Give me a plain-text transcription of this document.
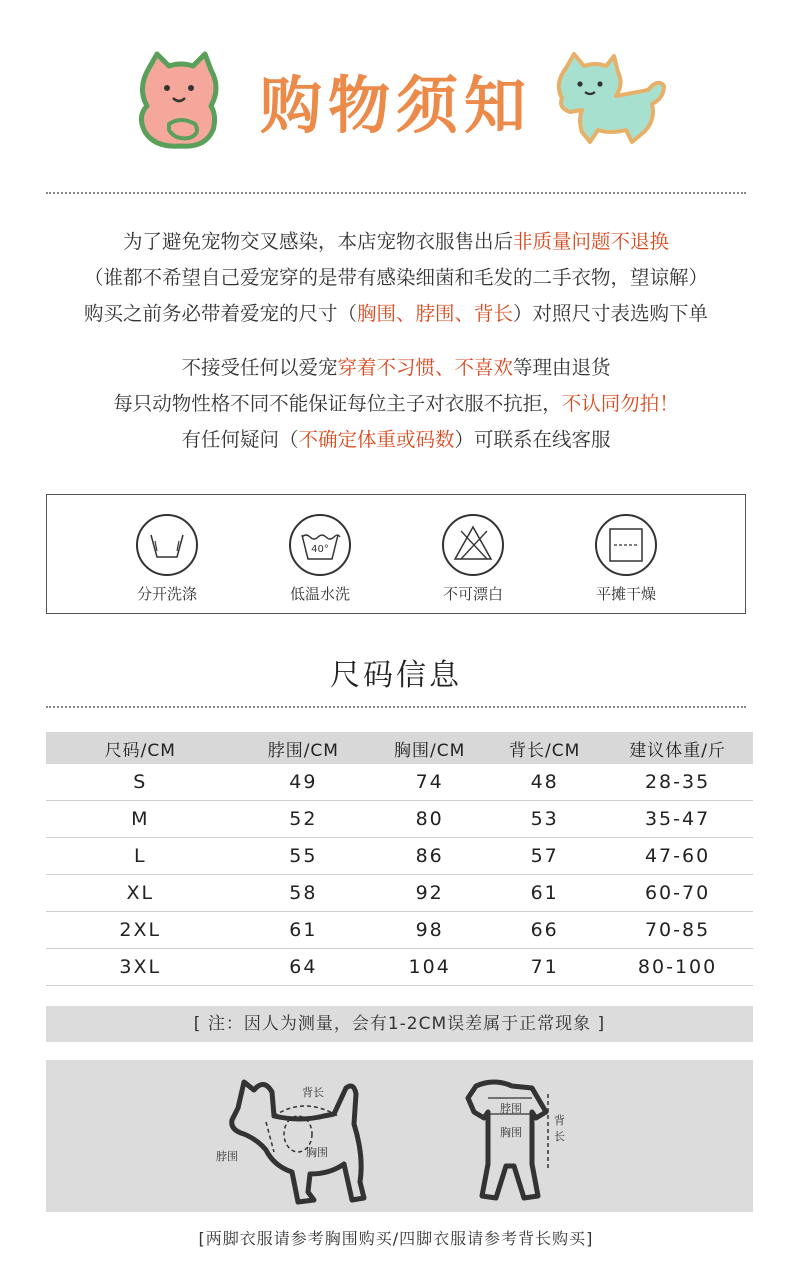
购物须知
为了避免宠物交叉感染，本店宠物衣服售出后非质量问题不退换
（谁都不希望自己爱宠穿的是带有感染细菌和毛发的二手衣物，望谅解）
购买之前务必带着爱宠的尺寸（胸围、脖围、背长）对照尺寸表选购下单
不接受任何以爱宠穿着不习惯、不喜欢等理由退货
每只动物性格不同不能保证每位主子对衣服不抗拒，不认同勿拍！
有任何疑问（不确定体重或码数）可联系在线客服
分开洗涤
40°
低温水洗	不可漂白	平摊干燥
尺码信息
尺码/CM	脖围/CM	胸围/CM	背长/CM	建议体重/斤
S	49	74	48	28-35
M	52	80	53	35-47
L	55	86	57	47-60
XL	58	92	61	60-70
2XL	61	98	66	70-85
3XL	64	104	71	80-100
[ 注：因人为测量，会有1-2CM误差属于正常现象 ]
背长
脖围	胸围
脖围
胸围
背
长
[两脚衣服请参考胸围购买/四脚衣服请参考背长购买]
